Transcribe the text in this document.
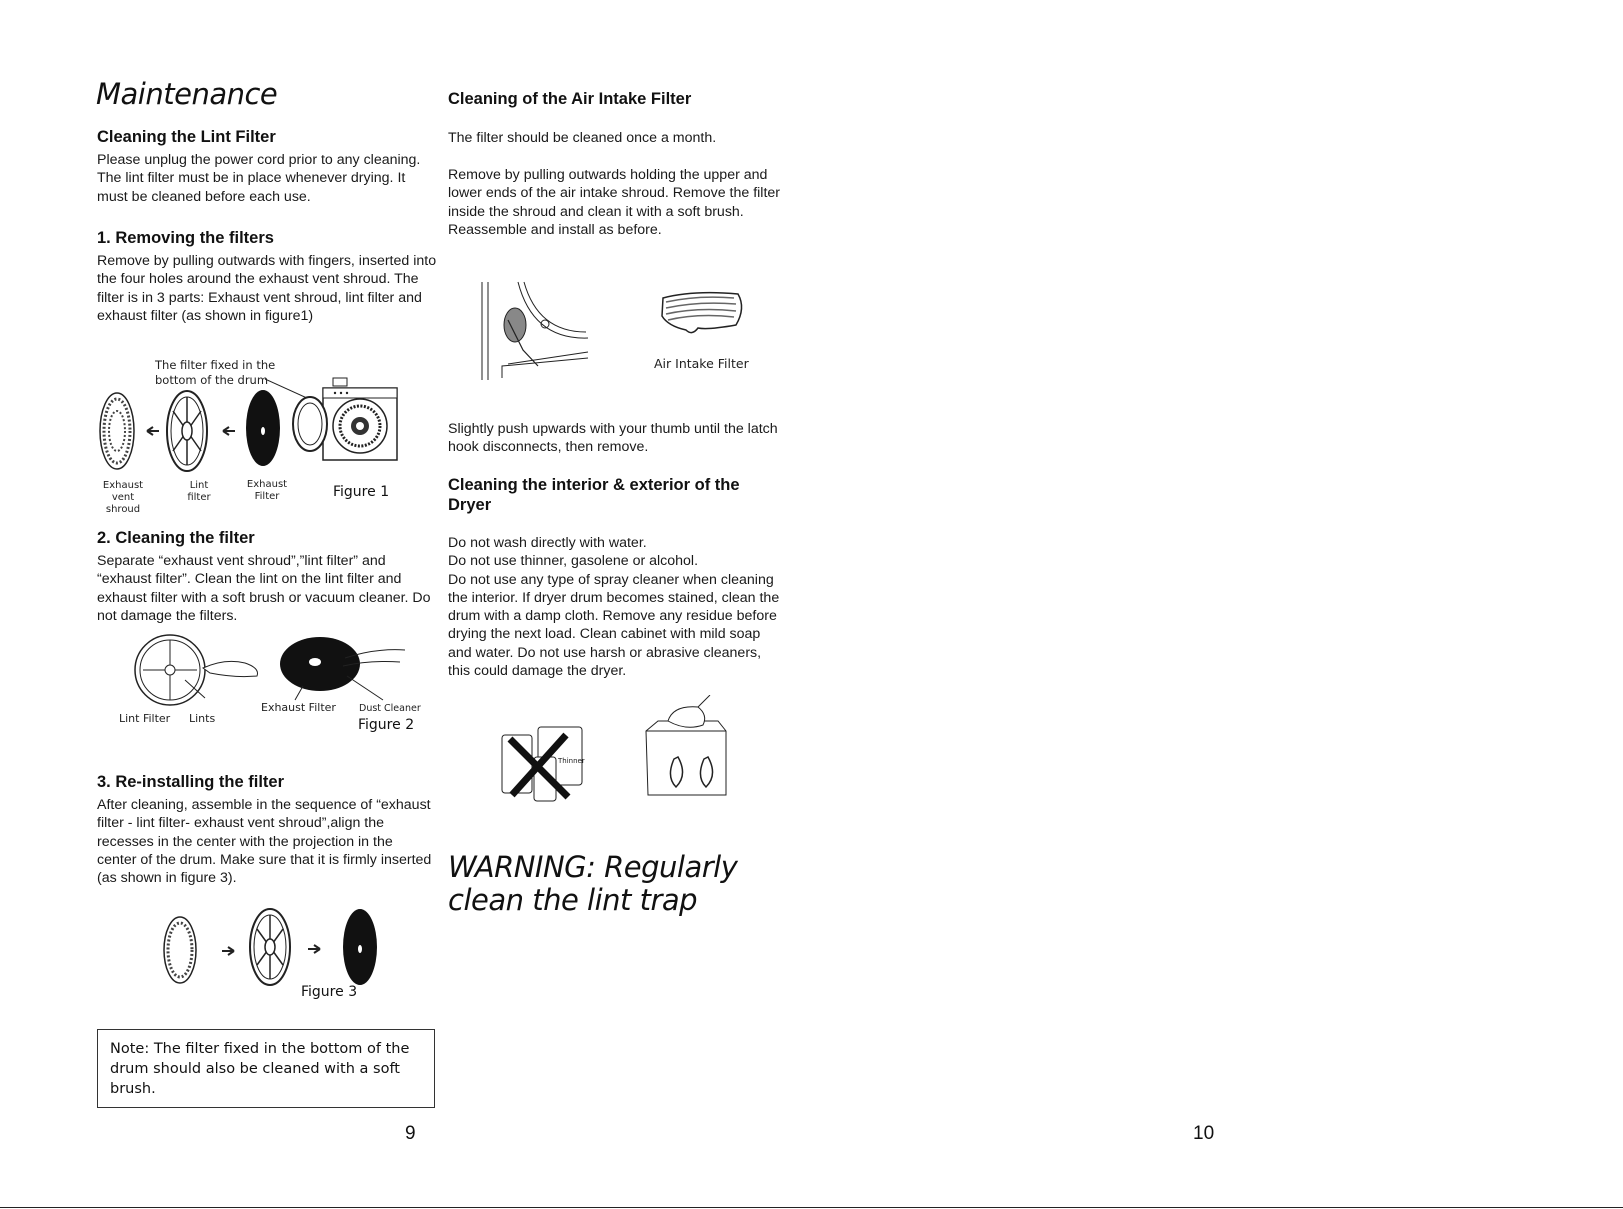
Maintenance
Cleaning the Lint Filter
Please unplug the power cord prior to any cleaning. The lint filter must be in place whenever drying. It must be cleaned before each use.
1. Removing the filters
Remove by pulling outwards with fingers, inserted into the four holes around the exhaust vent shroud. The filter is in 3 parts: Exhaust vent shroud, lint filter and exhaust filter (as shown in figure1)
The filter fixed in the bottom of the drum
Exhaust vent shroud
Lint filter
Exhaust Filter	Figure 1
2. Cleaning the filter
Separate “exhaust vent shroud”,”lint filter” and “exhaust filter”. Clean the lint on the lint filter and exhaust filter with a soft brush or vacuum cleaner. Do not damage the filters.
Lint Filter	Lints
Exhaust Filter	Dust Cleaner
Figure 2
3. Re-installing the filter
After cleaning, assemble in the sequence of “exhaust filter - lint filter- exhaust vent shroud”,align the recesses in the center with the projection in the center of the drum. Make sure that it is firmly inserted (as shown in figure 3).
Figure 3
Note: The filter fixed in the bottom of the drum should also be cleaned with a soft brush.
9
Cleaning of the Air Intake Filter
The filter should be cleaned once a month.
Remove by pulling outwards holding the upper and lower ends of the air intake shroud. Remove the filter inside the shroud and clean it with a soft brush. Reassemble and install as before.
Air Intake Filter
Slightly push upwards with your thumb until the latch hook disconnects, then remove.
Cleaning the interior & exterior of the Dryer
Do not wash directly with water.
Do not use thinner, gasolene or alcohol.
Do not use any type of spray cleaner when cleaning the interior. If dryer drum becomes stained, clean the drum with a damp cloth. Remove any residue before drying the next load. Clean cabinet with mild soap and water. Do not use harsh or abrasive cleaners, this could damage the dryer.
Thinner
WARNING: Regularly clean the lint trap
10
